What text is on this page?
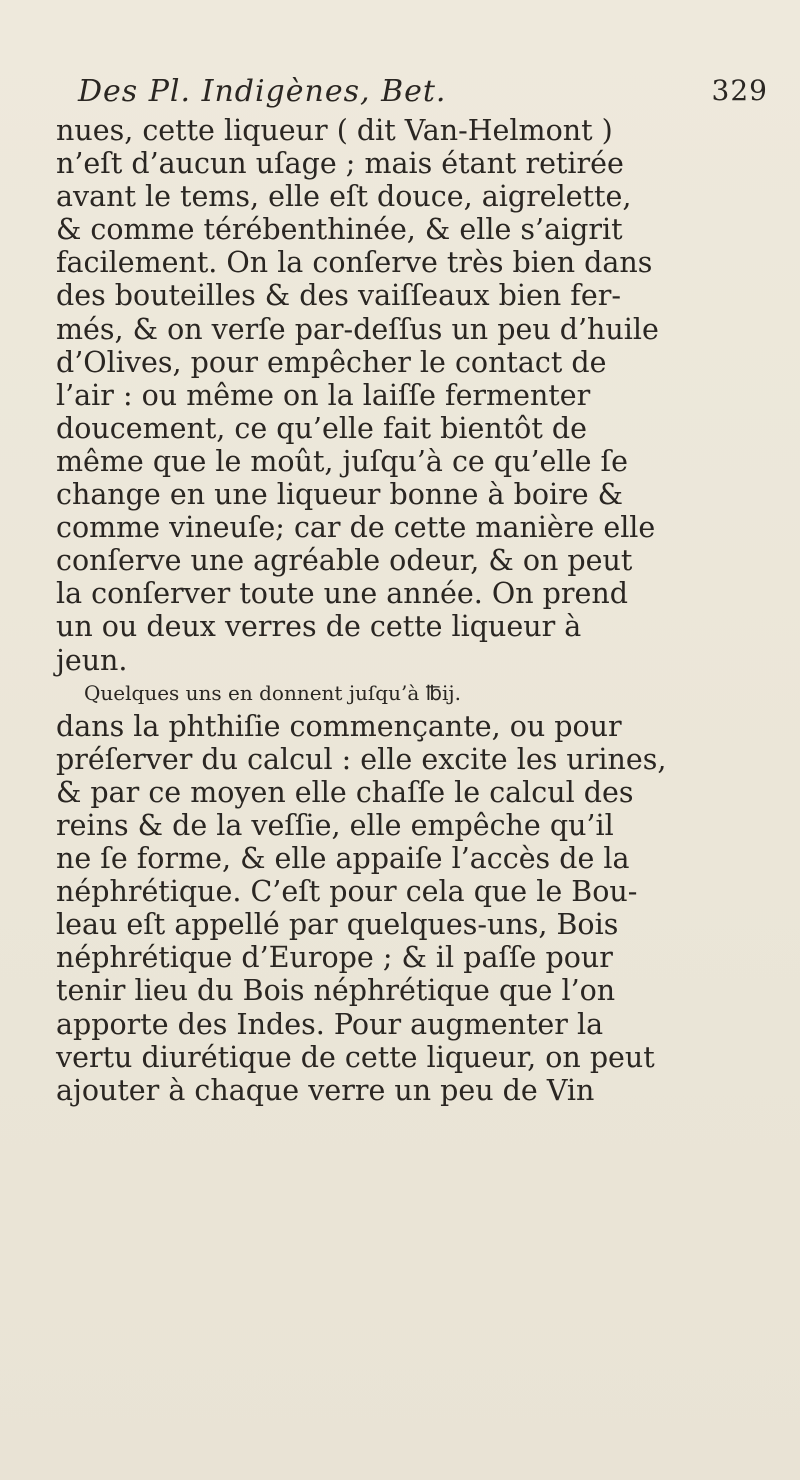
Des Pl. Indigènes, Bet.	329
nues, cette liqueur ( dit Van-Helmont )
n’eſt d’aucun uſage ; mais étant retirée
avant le tems, elle eſt douce, aigrelette,
& comme térébenthinée, & elle s’aigrit
facilement. On la conſerve très bien dans
des bouteilles & des vaiſſeaux bien fer-
més, & on verſe par-deſſus un peu d’huile
d’Olives, pour empêcher le contact de
l’air : ou même on la laiſſe fermenter
doucement, ce qu’elle fait bientôt de
même que le moût, juſqu’à ce qu’elle ſe
change en une liqueur bonne à boire &
comme vineuſe; car de cette manière elle
conſerve une agréable odeur, & on peut
la conſerver toute une année. On prend
un ou deux verres de cette liqueur à
jeun.
Quelques uns en donnent juſqu’à ℔ij.
dans la phthiſie commençante, ou pour
préſerver du calcul : elle excite les urines,
& par ce moyen elle chaſſe le calcul des
reins & de la veſſie, elle empêche qu’il
ne ſe forme, & elle appaiſe l’accès de la
néphrétique. C’eſt pour cela que le Bou-
leau eſt appellé par quelques-uns, Bois
néphrétique d’Europe ; & il paſſe pour
tenir lieu du Bois néphrétique que l’on
apporte des Indes. Pour augmenter la
vertu diurétique de cette liqueur, on peut
ajouter à chaque verre un peu de Vin
